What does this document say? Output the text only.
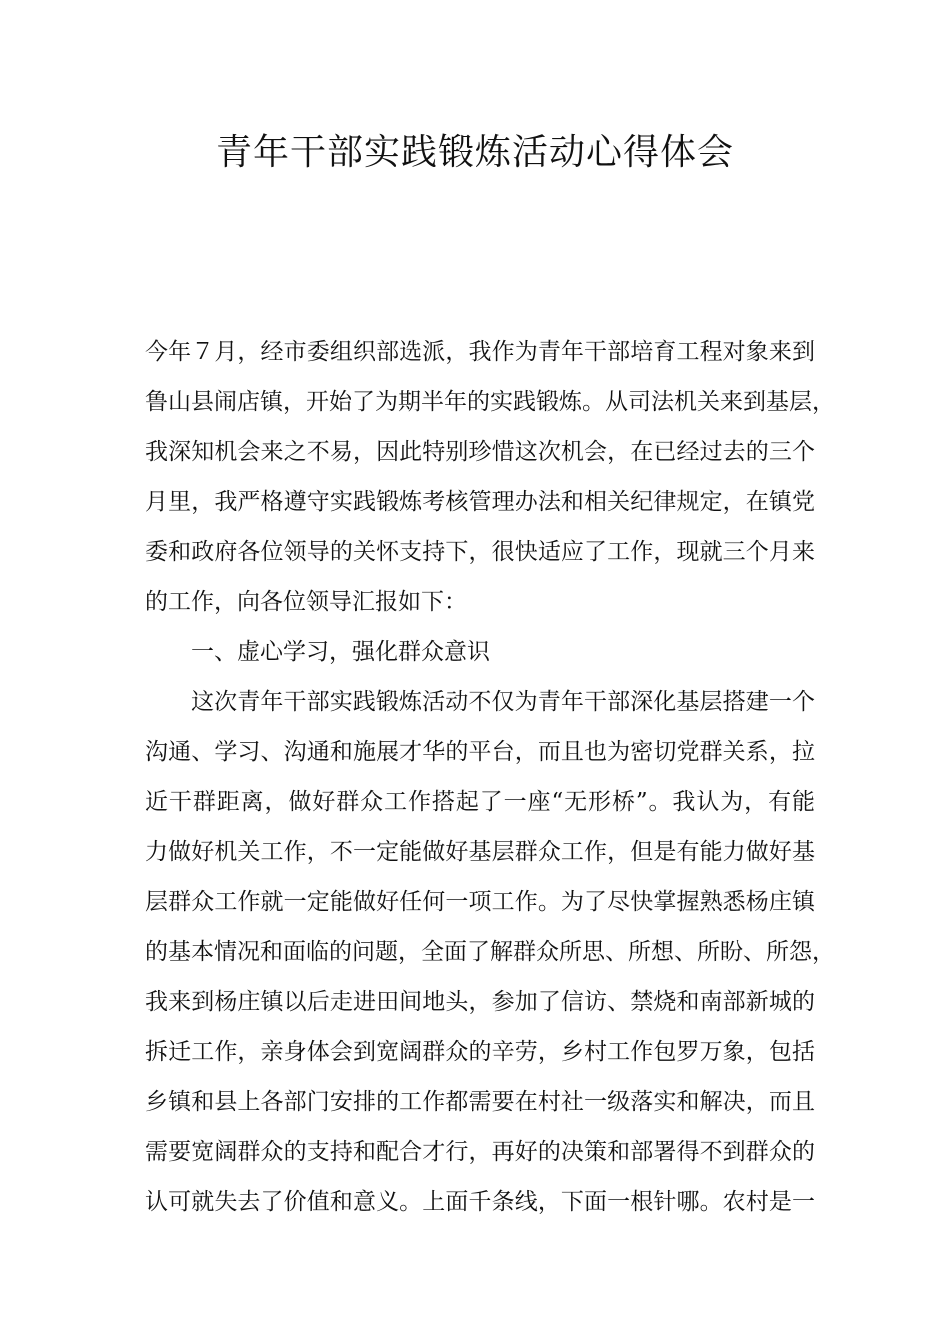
青年干部实践锻炼活动心得体会
今年７月，经市委组织部选派，我作为青年干部培育工程对象来到
鲁山县闹店镇，开始了为期半年的实践锻炼。从司法机关来到基层，
我深知机会来之不易，因此特别珍惜这次机会，在已经过去的三个
月里，我严格遵守实践锻炼考核管理办法和相关纪律规定，在镇党
委和政府各位领导的关怀支持下，很快适应了工作，现就三个月来
的工作，向各位领导汇报如下：
一、虚心学习，强化群众意识
这次青年干部实践锻炼活动不仅为青年干部深化基层搭建一个
沟通、学习、沟通和施展才华的平台，而且也为密切党群关系，拉
近干群距离，做好群众工作搭起了一座“无形桥”。我认为，有能
力做好机关工作，不一定能做好基层群众工作，但是有能力做好基
层群众工作就一定能做好任何一项工作。为了尽快掌握熟悉杨庄镇
的基本情况和面临的问题，全面了解群众所思、所想、所盼、所怨，
我来到杨庄镇以后走进田间地头，参加了信访、禁烧和南部新城的
拆迁工作，亲身体会到宽阔群众的辛劳，乡村工作包罗万象，包括
乡镇和县上各部门安排的工作都需要在村社一级落实和解决，而且
需要宽阔群众的支持和配合才行，再好的决策和部署得不到群众的
认可就失去了价值和意义。上面千条线，下面一根针哪。农村是一
